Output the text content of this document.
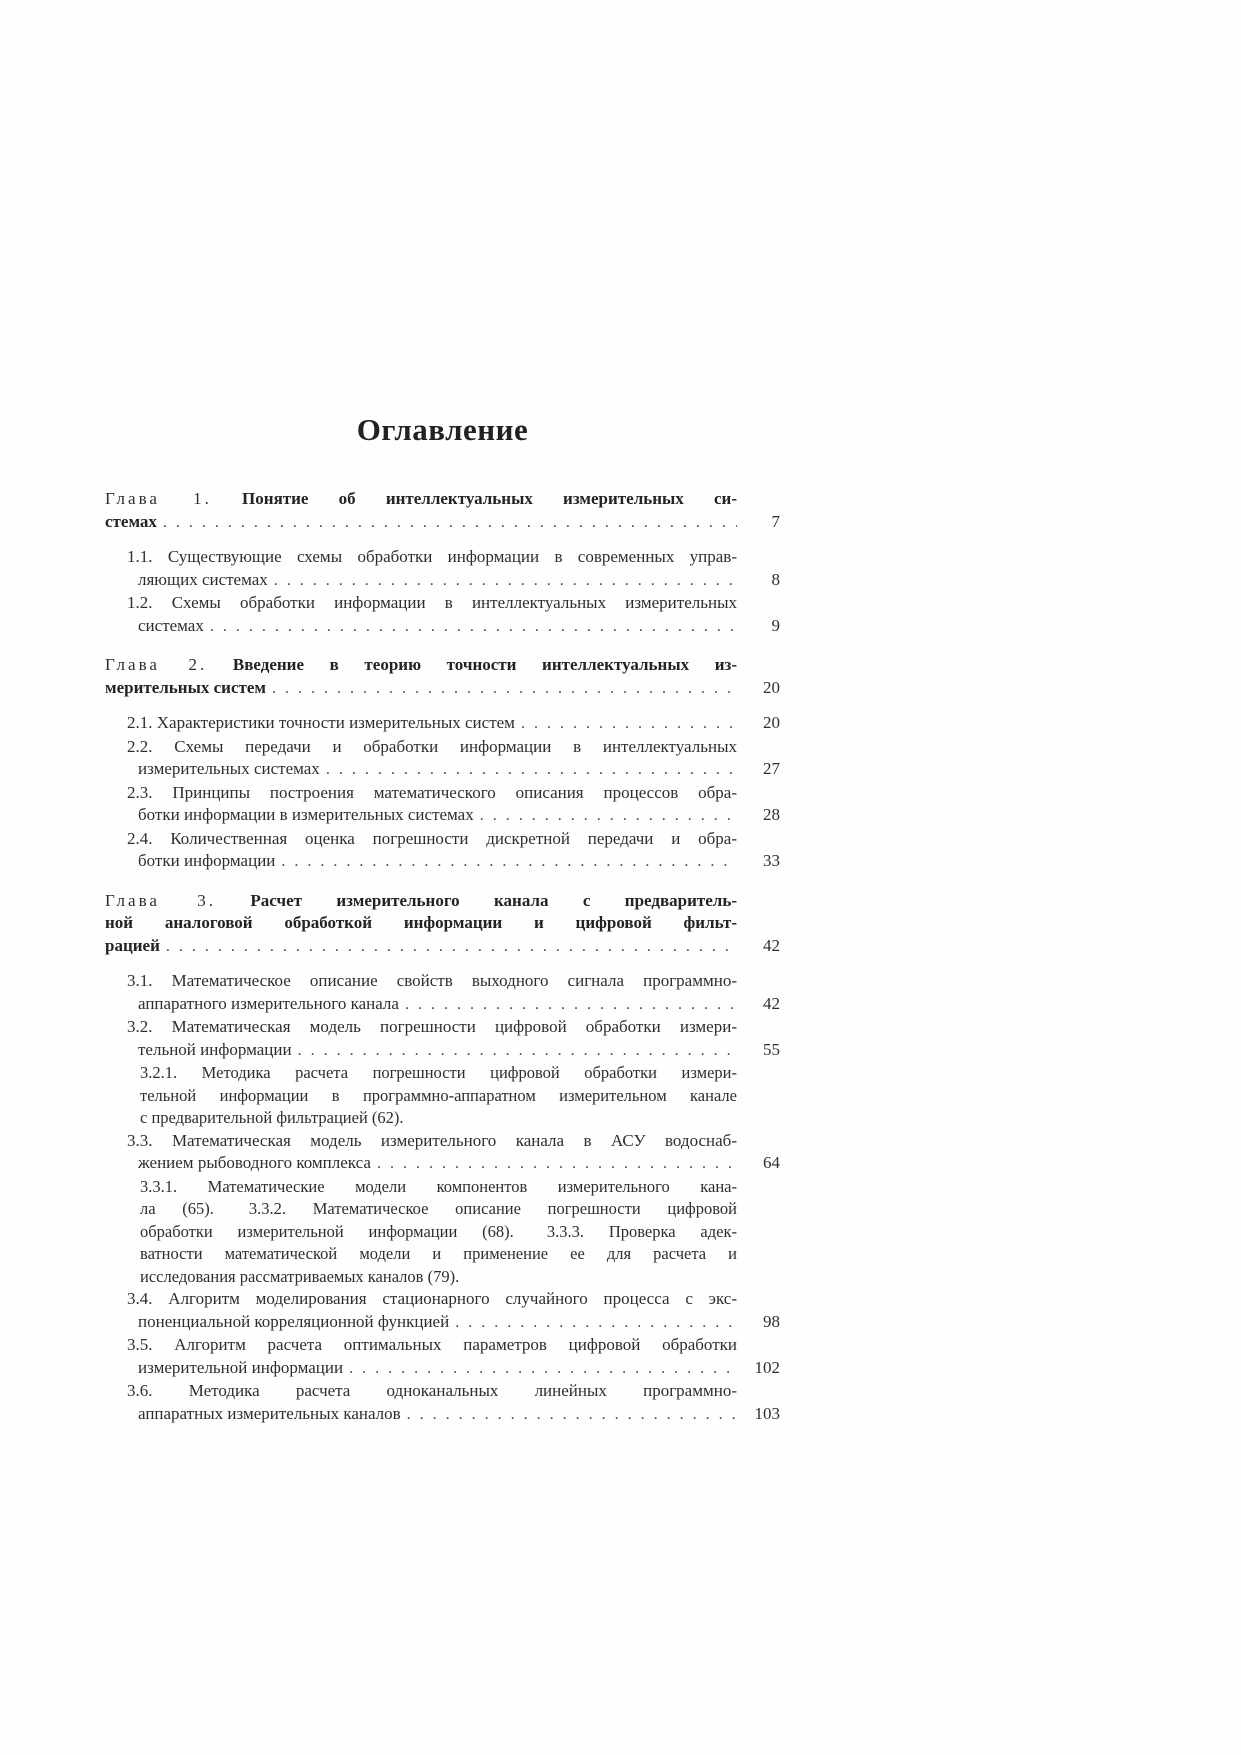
Оглавление
Глава 1. Понятие об интеллектуальных измерительных си-
стемах .....	7
1.1. Существующие схемы обработки информации в современных управ-
ляющих системах .....	8
1.2. Схемы обработки информации в интеллектуальных измерительных
системах .....	9
Глава 2. Введение в теорию точности интеллектуальных из-
мерительных систем .....	20
2.1. Характеристики точности измерительных систем .....	20
2.2. Схемы передачи и обработки информации в интеллектуальных
измерительных системах .....	27
2.3. Принципы построения математического описания процессов обра-
ботки информации в измерительных системах .....	28
2.4. Количественная оценка погрешности дискретной передачи и обра-
ботки информации .....	33
Глава 3. Расчет измерительного канала с предваритель-
ной аналоговой обработкой информации и цифровой фильт-
рацией .....	42
3.1. Математическое описание свойств выходного сигнала программно-
аппаратного измерительного канала .....	42
3.2. Математическая модель погрешности цифровой обработки измери-
тельной информации .....	55
3.2.1. Методика расчета погрешности цифровой обработки измери-
тельной информации в программно-аппаратном измерительном канале
с предварительной фильтрацией (62).
3.3. Математическая модель измерительного канала в АСУ водоснаб-
жением рыбоводного комплекса .....	64
3.3.1. Математические модели компонентов измерительного кана-
ла (65).  3.3.2. Математическое описание погрешности цифровой
обработки измерительной информации (68).  3.3.3. Проверка адек-
ватности математической модели и применение ее для расчета и
исследования рассматриваемых каналов (79).
3.4. Алгоритм моделирования стационарного случайного процесса с экс-
поненциальной корреляционной функцией .....	98
3.5. Алгоритм расчета оптимальных параметров цифровой обработки
измерительной информации .....	102
3.6. Методика расчета одноканальных линейных программно-
аппаратных измерительных каналов .....	103
